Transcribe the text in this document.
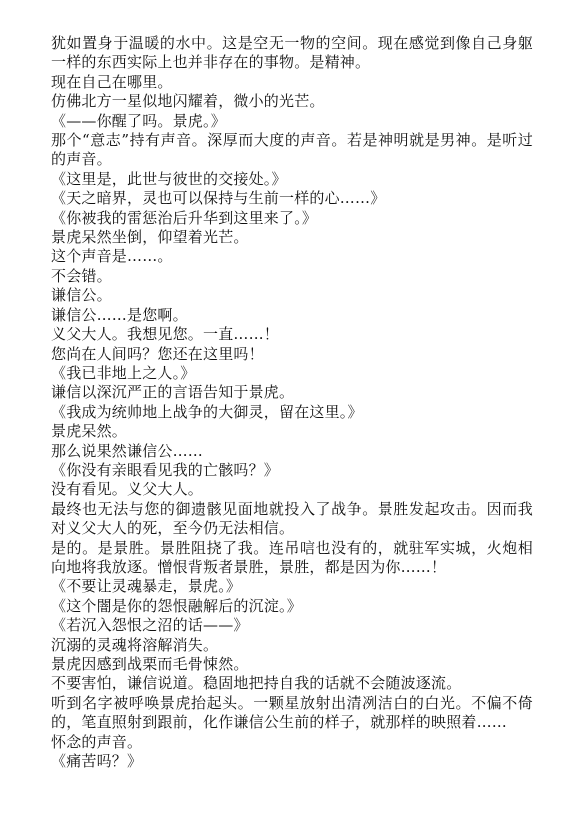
犹如置身于温暖的水中。这是空无一物的空间。现在感觉到像自己身躯一样的东西实际上也并非存在的事物。是精神。

现在自己在哪里。

仿佛北方一星似地闪耀着，微小的光芒。

《——你醒了吗。景虎。》

那个“意志”持有声音。深厚而大度的声音。若是神明就是男神。是听过的声音。

《这里是，此世与彼世的交接处。》

《天之暗界，灵也可以保持与生前一样的心……》

《你被我的雷惩治后升华到这里来了。》

景虎呆然坐倒，仰望着光芒。

这个声音是……。

不会错。

谦信公。

谦信公……是您啊。

义父大人。我想见您。一直……！

您尚在人间吗？您还在这里吗！

《我已非地上之人。》

谦信以深沉严正的言语告知于景虎。

《我成为统帅地上战争的大御灵，留在这里。》

景虎呆然。

那么说果然谦信公……

《你没有亲眼看见我的亡骸吗？》

没有看见。义父大人。

最终也无法与您的御遗骸见面地就投入了战争。景胜发起攻击。因而我对义父大人的死，至今仍无法相信。

是的。是景胜。景胜阻挠了我。连吊唁也没有的，就驻军实城，火炮相向地将我放逐。憎恨背叛者景胜，景胜，都是因为你……！

《不要让灵魂暴走，景虎。》

《这个闇是你的怨恨融解后的沉淀。》

《若沉入怨恨之沼的话——》

沉溺的灵魂将溶解消失。

景虎因感到战栗而毛骨悚然。

不要害怕，谦信说道。稳固地把持自我的话就不会随波逐流。

听到名字被呼唤景虎抬起头。一颗星放射出清冽洁白的白光。不偏不倚的，笔直照射到跟前，化作谦信公生前的样子，就那样的映照着……

怀念的声音。

《痛苦吗？》
